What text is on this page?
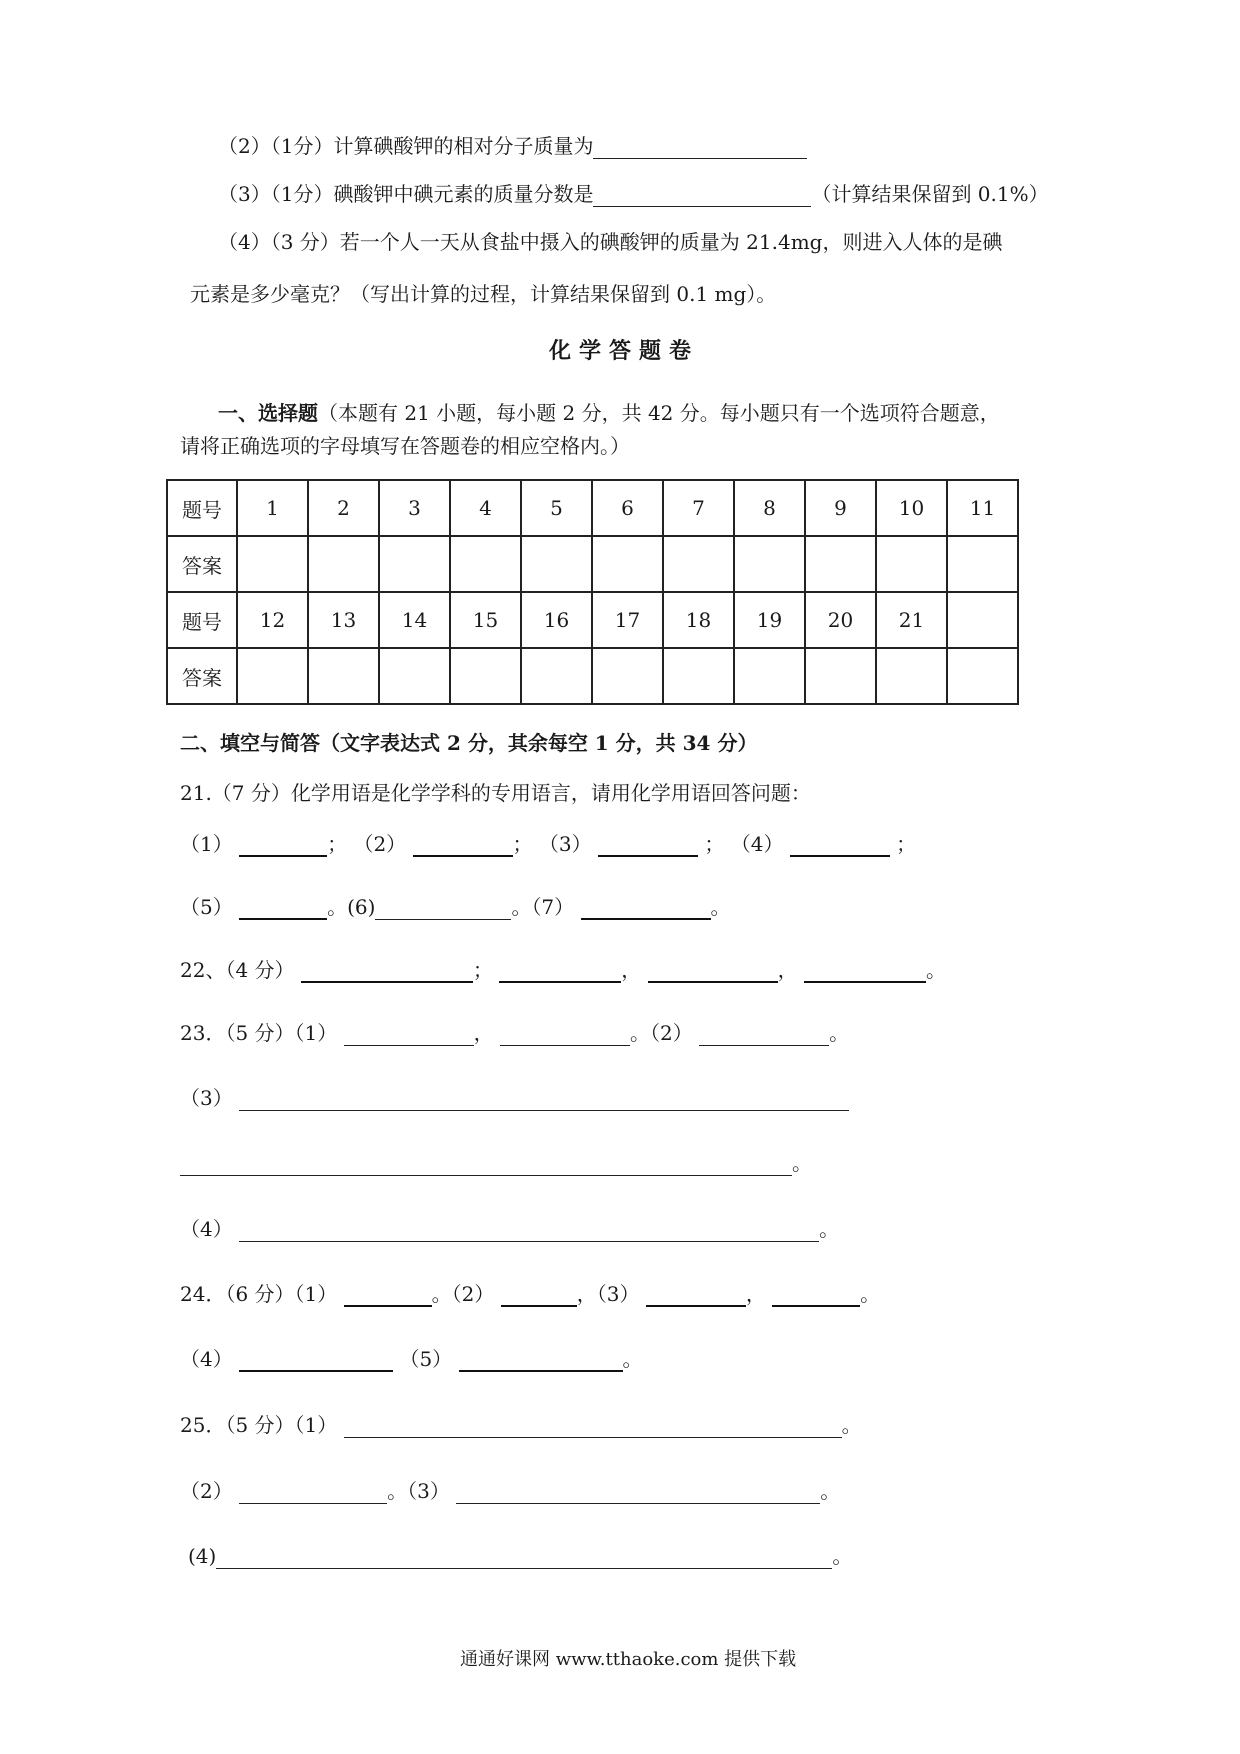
（2）（1分）计算碘酸钾的相对分子质量为
（3）（1分）碘酸钾中碘元素的质量分数是	（计算结果保留到 0.1%）
（4）（3 分）若一个人一天从食盐中摄入的碘酸钾的质量为 21.4mg，则进入人体的是碘
元素是多少毫克？（写出计算的过程，计算结果保留到 0.1 mg）。
化学答题卷
一、选择题（本题有 21 小题，每小题 2 分，共 42 分。每小题只有一个选项符合题意，
请将正确选项的字母填写在答题卷的相应空格内。）
题号	1	2	3	4	5	6	7	8	9	10	11
答案											
题号	12	13	14	15	16	17	18	19	20	21	
答案											
二、填空与简答（文字表达式 2 分，其余每空 1 分，共 34 分）
21.（7 分）化学用语是化学学科的专用语言，请用化学用语回答问题：
（1）	； （2）	； （3）	； （4）	；
（5）	。(6)	。（7）	。
22、（4 分）	；	，	，	。
23．（5 分）（1）	，	。（2）	。
（3）
。
（4）	。
24．（6 分）（1）	。（2）	，（3）	，	。
（4）	（5）	。
25．（5 分）（1）	。
（2）	。（3）	。
(4)	。
通通好课网 www.tthaoke.com 提供下载
